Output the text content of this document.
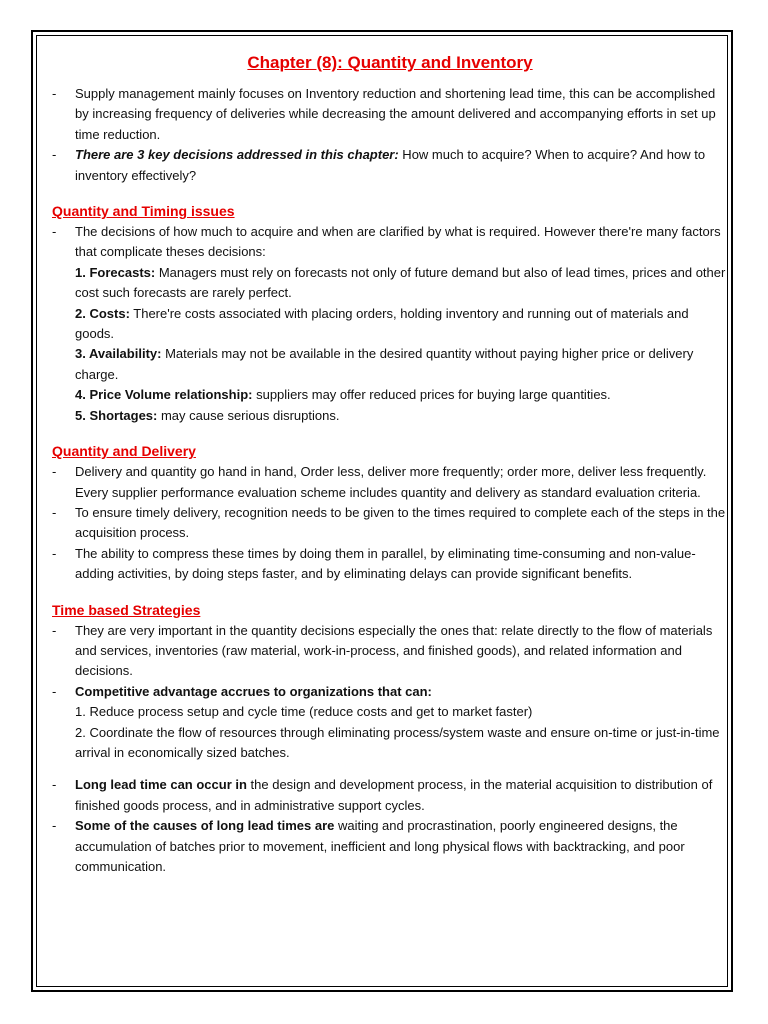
Chapter (8): Quantity and Inventory
-	Supply management mainly focuses on Inventory reduction and shortening lead time, this can be accomplished by increasing frequency of deliveries while decreasing the amount delivered and accompanying efforts in set up time reduction.
-	There are 3 key decisions addressed in this chapter: How much to acquire? When to acquire? And how to inventory effectively?
Quantity and Timing issues
-	The decisions of how much to acquire and when are clarified by what is required. However there're many factors that complicate theses decisions:
1. Forecasts: Managers must rely on forecasts not only of future demand but also of lead times, prices and other cost such forecasts are rarely perfect.
2. Costs: There're costs associated with placing orders, holding inventory and running out of materials and goods.
3. Availability: Materials may not be available in the desired quantity without paying higher price or delivery charge.
4. Price Volume relationship: suppliers may offer reduced prices for buying large quantities.
5. Shortages: may cause serious disruptions.
Quantity and Delivery
-	Delivery and quantity go hand in hand, Order less, deliver more frequently; order more, deliver less frequently. Every supplier performance evaluation scheme includes quantity and delivery as standard evaluation criteria.
-	To ensure timely delivery, recognition needs to be given to the times required to complete each of the steps in the acquisition process.
-	The ability to compress these times by doing them in parallel, by eliminating time-consuming and non-value-adding activities, by doing steps faster, and by eliminating delays can provide significant benefits.
Time based Strategies
-	They are very important in the quantity decisions especially the ones that: relate directly to the flow of materials and services, inventories (raw material, work-in-process, and finished goods), and related information and decisions.
-	Competitive advantage accrues to organizations that can:
1. Reduce process setup and cycle time (reduce costs and get to market faster)
2. Coordinate the flow of resources through eliminating process/system waste and ensure on-time or just-in-time arrival in economically sized batches.
-	Long lead time can occur in the design and development process, in the material acquisition to distribution of finished goods process, and in administrative support cycles.
-	Some of the causes of long lead times are waiting and procrastination, poorly engineered designs, the accumulation of batches prior to movement, inefficient and long physical flows with backtracking, and poor communication.
